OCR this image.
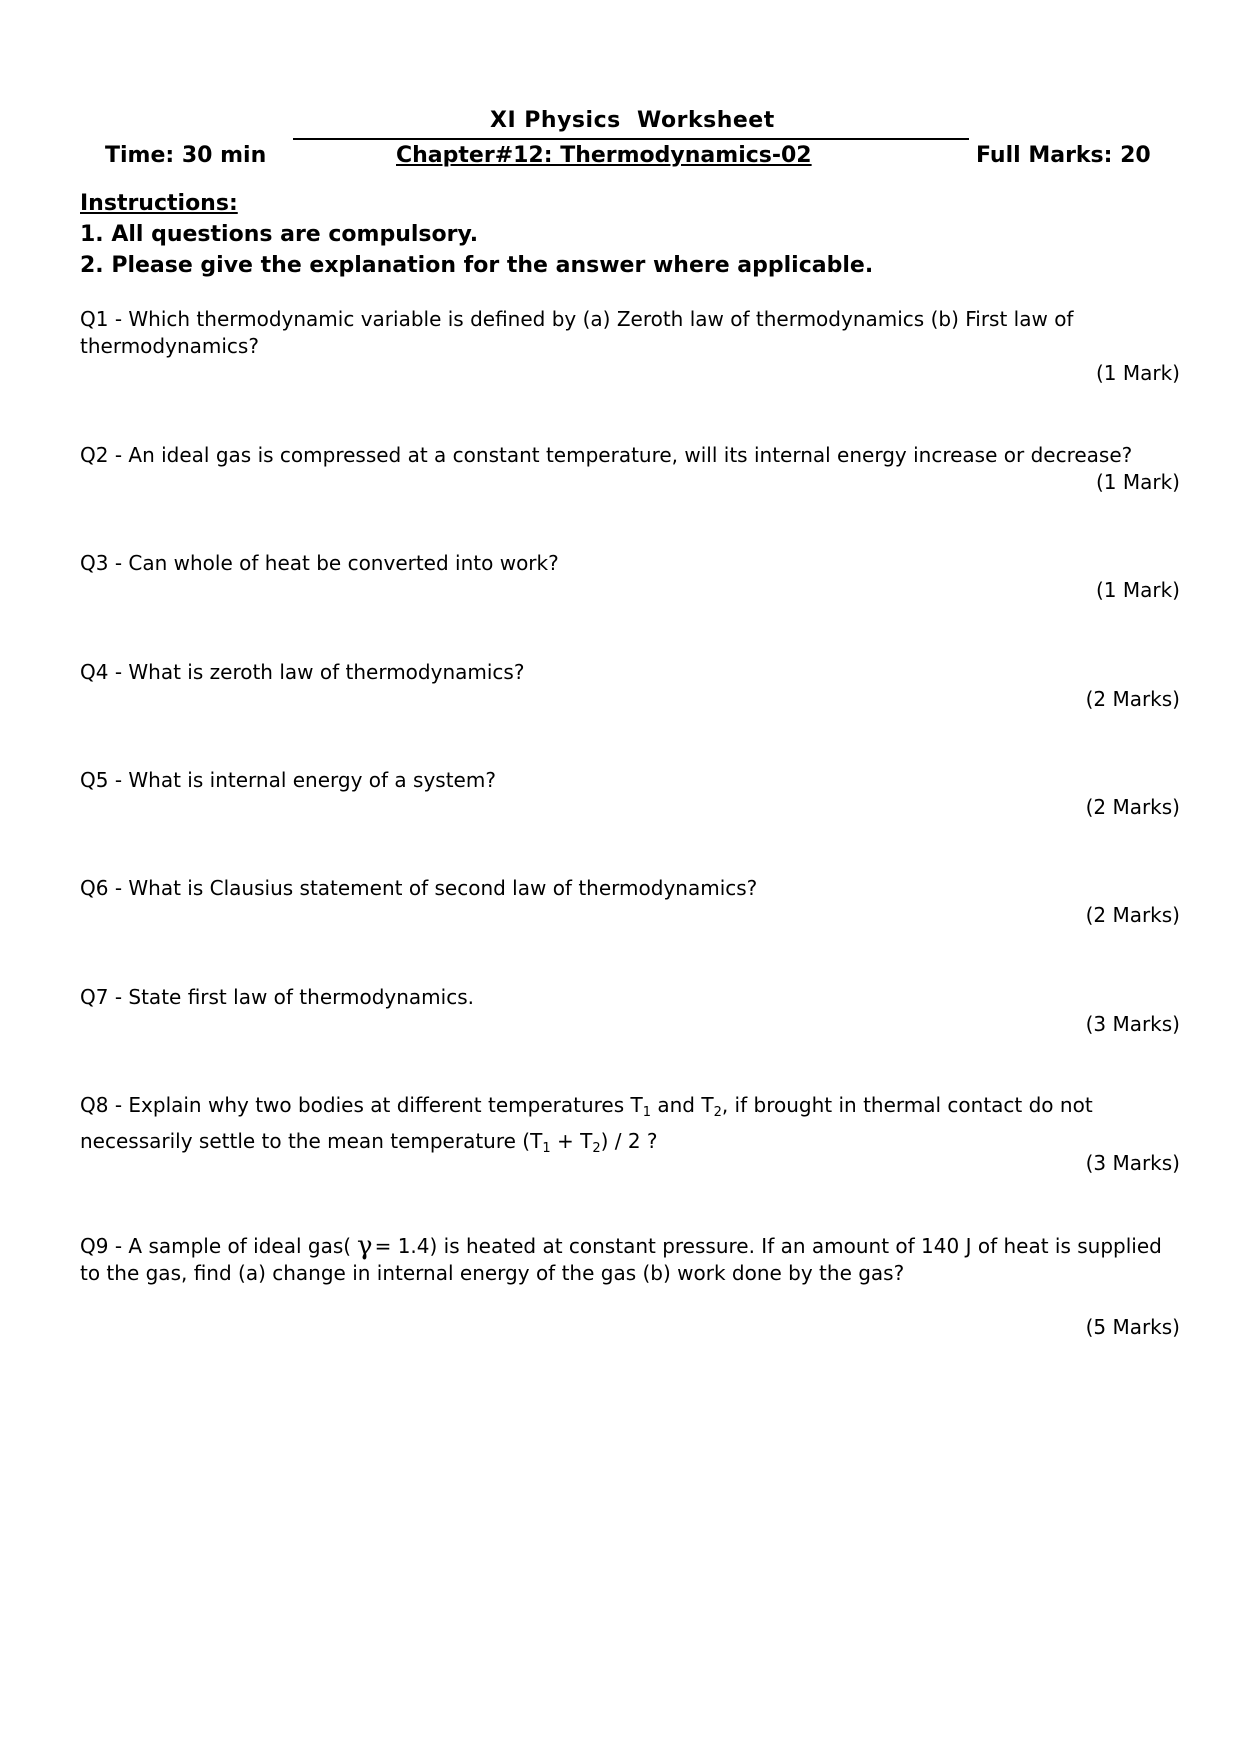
XI Physics  Worksheet
Time: 30 min	Chapter#12: Thermodynamics-02	Full Marks: 20
Instructions:
1. All questions are compulsory.
2. Please give the explanation for the answer where applicable.
Q1 - Which thermodynamic variable is defined by (a) Zeroth law of thermodynamics (b) First law of thermodynamics?
(1 Mark)
Q2 - An ideal gas is compressed at a constant temperature, will its internal energy increase or decrease?
(1 Mark)
Q3 - Can whole of heat be converted into work?
(1 Mark)
Q4 - What is zeroth law of thermodynamics?
(2 Marks)
Q5 - What is internal energy of a system?
(2 Marks)
Q6 - What is Clausius statement of second law of thermodynamics?
(2 Marks)
Q7 - State first law of thermodynamics.
(3 Marks)
Q8 - Explain why two bodies at different temperatures $T_1$ and $T_2$, if brought in thermal contact do not necessarily settle to the mean temperature $(T_1 + T_2) / 2$ ?
(3 Marks)
Q9 - A sample of ideal gas( γ = 1.4) is heated at constant pressure. If an amount of 140 J of heat is supplied to the gas, find (a) change in internal energy of the gas (b) work done by the gas?
(5 Marks)
